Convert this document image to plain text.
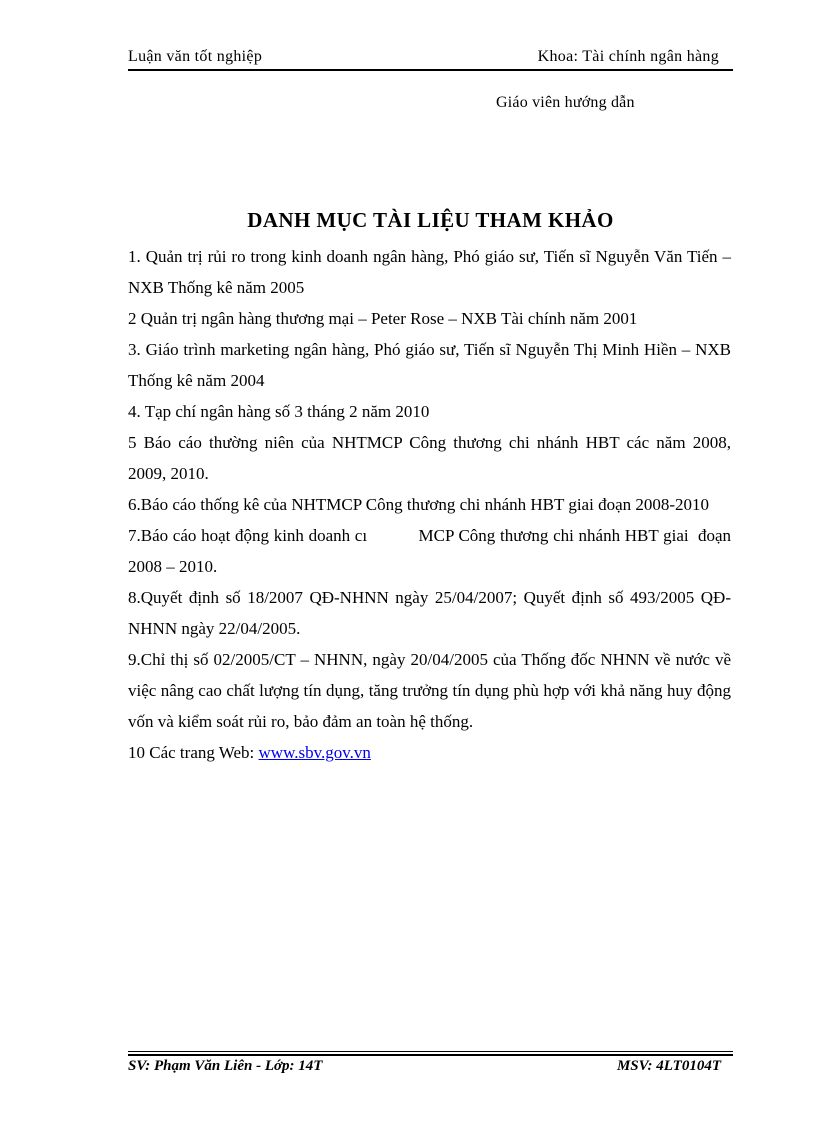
Luận văn tốt nghiệp	Khoa: Tài chính ngân hàng
Giáo viên hướng dẫn
DANH MỤC TÀI LIỆU THAM KHẢO

1. Quản trị rủi ro trong kinh doanh ngân hàng, Phó giáo sư, Tiến sĩ Nguyễn Văn Tiến – NXB Thống kê năm 2005

2 Quản trị ngân hàng thương mại – Peter Rose – NXB Tài chính năm 2001

3. Giáo trình marketing ngân hàng, Phó giáo sư, Tiến sĩ Nguyễn Thị Minh Hiền – NXB Thống kê năm 2004

4. Tạp chí ngân hàng số 3 tháng 2 năm 2010

5 Báo cáo thường niên của NHTMCP Công thương chi nhánh HBT các năm 2008, 2009, 2010.

6.Báo cáo thống kê của NHTMCP Công thương chi nhánh HBT giai đoạn 2008-2010

7.Báo cáo hoạt động kinh doanh cı           MCP Công thương chi nhánh HBT giai  đoạn 2008 – 2010.

8.Quyết định số 18/2007 QĐ-NHNN ngày 25/04/2007; Quyết định số 493/2005 QĐ-NHNN ngày 22/04/2005.

9.Chỉ thị số 02/2005/CT – NHNN, ngày 20/04/2005 của Thống đốc NHNN về nước về việc nâng cao chất lượng tín dụng, tăng trưởng tín dụng phù hợp với khả năng huy động vốn và kiểm soát rủi ro, bảo đảm an toàn hệ thống.

10 Các trang Web: www.sbv.gov.vn

SV: Phạm Văn Liên - Lớp: 14T	MSV: 4LT0104T
